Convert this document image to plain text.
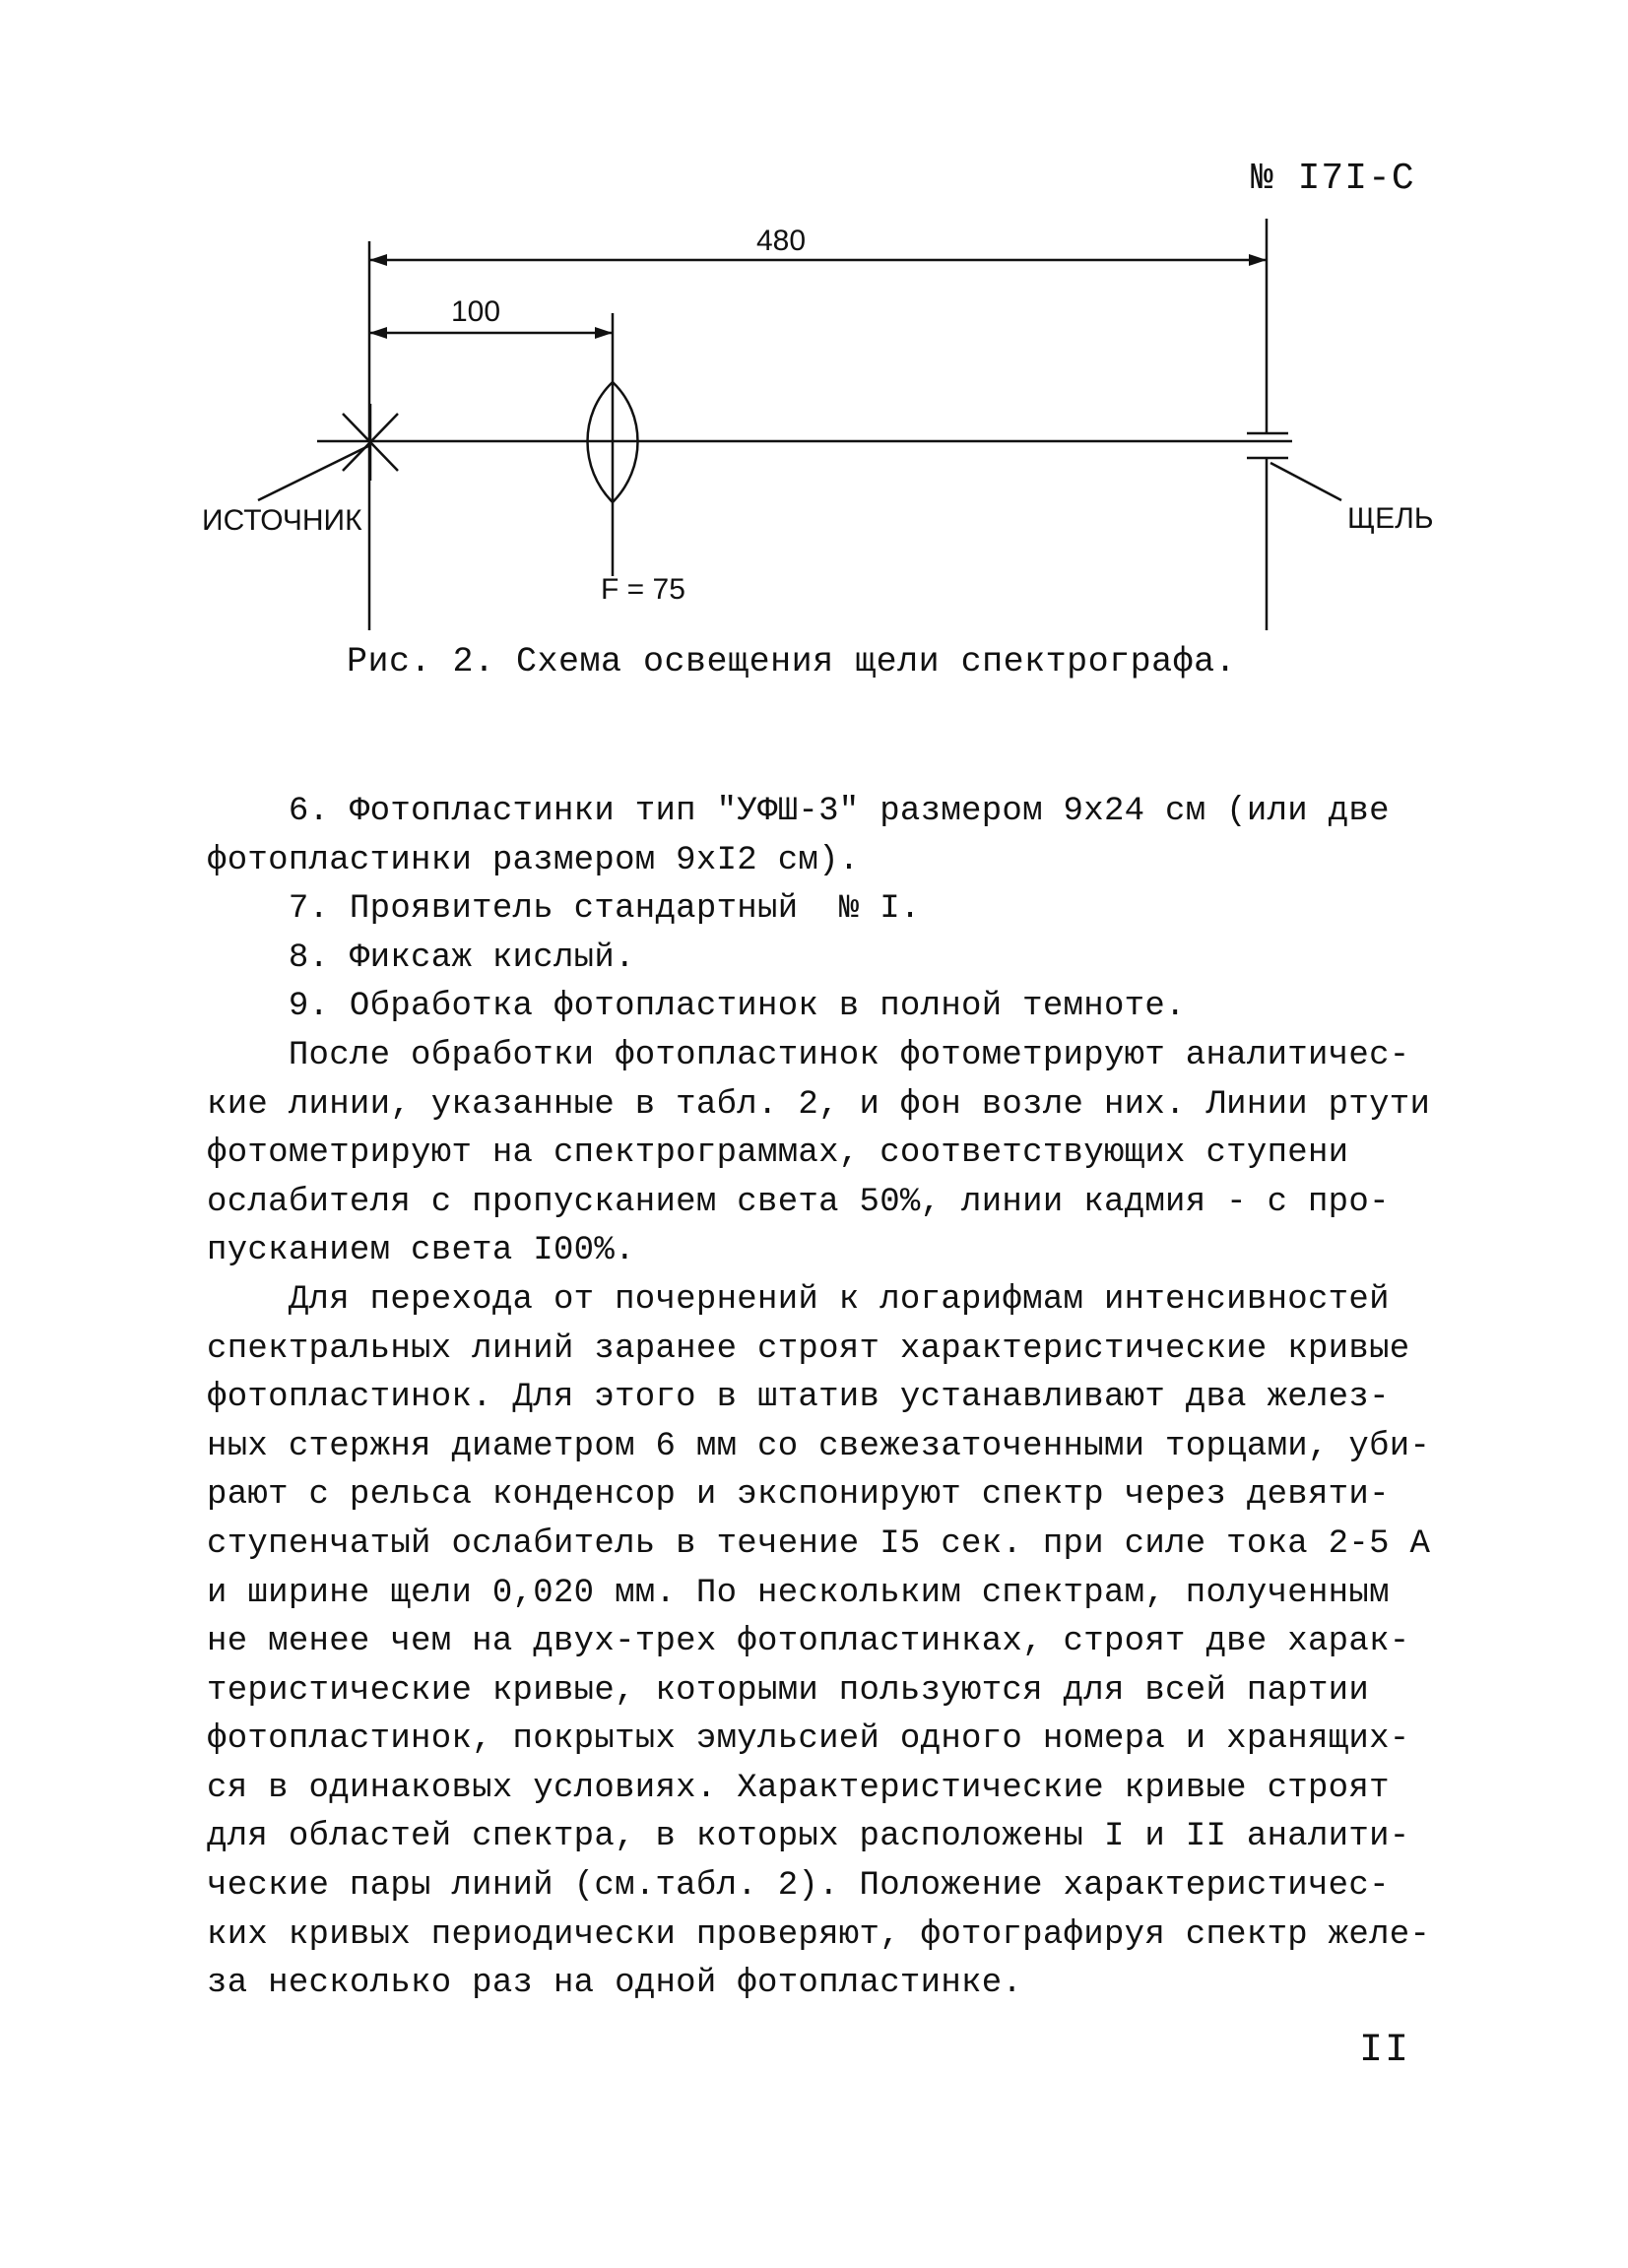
№ I7I-C
480
100
ИСТОЧНИК	ЩЕЛЬ
F = 75
Рис. 2. Схема освещения щели спектрографа.
6. Фотопластинки тип "УФШ-3" размером 9х24 см (или две
фотопластинки размером 9хI2 см).
7. Проявитель стандартный  № I.
8. Фиксаж кислый.
9. Обработка фотопластинок в полной темноте.
После обработки фотопластинок фотометрируют аналитичес-
кие линии, указанные в табл. 2, и фон возле них. Линии ртути
фотометрируют на спектрограммах, соответствующих ступени
ослабителя с пропусканием света 50%, линии кадмия - с про-
пусканием света I00%.
Для перехода от почернений к логарифмам интенсивностей
спектральных линий заранее строят характеристические кривые
фотопластинок. Для этого в штатив устанавливают два желез-
ных стержня диаметром 6 мм со свежезаточенными торцами, уби-
рают с рельса конденсор и экспонируют спектр через девяти-
ступенчатый ослабитель в течение I5 сек. при силе тока 2-5 А
и ширине щели 0,020 мм. По нескольким спектрам, полученным
не менее чем на двух-трех фотопластинках, строят две харак-
теристические кривые, которыми пользуются для всей партии
фотопластинок, покрытых эмульсией одного номера и хранящих-
ся в одинаковых условиях. Характеристические кривые строят
для областей спектра, в которых расположены I и II аналити-
ческие пары линий (см.табл. 2). Положение характеристичес-
ких кривых периодически проверяют, фотографируя спектр желе-
за несколько раз на одной фотопластинке.
II
